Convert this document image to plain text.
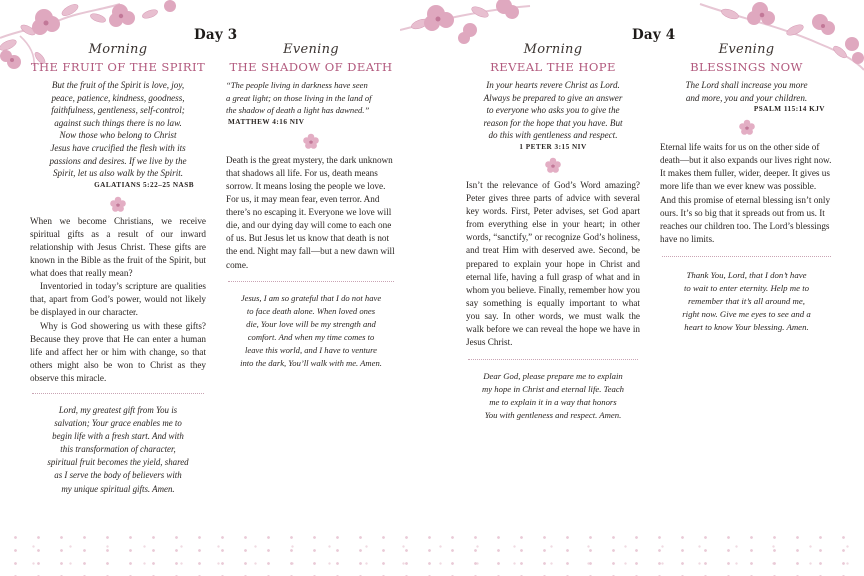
Day 3
Morning
THE FRUIT OF THE SPIRIT
But the fruit of the Spirit is love, joy,
peace, patience, kindness, goodness,
faithfulness, gentleness, self-control;
against such things there is no law.
Now those who belong to Christ
Jesus have crucified the flesh with its
passions and desires. If we live by the
Spirit, let us also walk by the Spirit.
GALATIANS 5:22–25 NASB

When we become Christians, we receive spiritual gifts as a result of our inward relationship with Jesus Christ. These gifts are known in the Bible as the fruit of the Spirit, but what does that really mean?

Inventoried in today’s scripture are qualities that, apart from God’s power, would not likely be displayed in our character.

Why is God showering us with these gifts? Because they prove that He can enter a human life and affect her or him with change, so that others might also be won to Christ as they observe this miracle.

Lord, my greatest gift from You is
salvation; Your grace enables me to
begin life with a fresh start. And with
this transformation of character,
spiritual fruit becomes the yield, shared
as I serve the body of believers with
my unique spiritual gifts. Amen.
Evening
THE SHADOW OF DEATH
“The people living in darkness have seen
a great light; on those living in the land of
the shadow of death a light has dawned.”
MATTHEW 4:16 NIV

Death is the great mystery, the dark unknown that shadows all life. For us, death means sorrow. It means losing the people we love. For us, it may mean fear, even terror. And there’s no escaping it. Everyone we love will die, and our dying day will come to each one of us. But Jesus let us know that death is not the end. Night may fall—but a new dawn will come.

Jesus, I am so grateful that I do not have
to face death alone. When loved ones
die, Your love will be my strength and
comfort. And when my time comes to
leave this world, and I have to venture
into the dark, You’ll walk with me. Amen.
Day 4
Morning
REVEAL THE HOPE
In your hearts revere Christ as Lord.
Always be prepared to give an answer
to everyone who asks you to give the
reason for the hope that you have. But
do this with gentleness and respect.
1 PETER 3:15 NIV

Isn’t the relevance of God’s Word amazing? Peter gives three parts of advice with several key words. First, Peter advises, set God apart from everything else in your heart; in other words, “sanctify,” or recognize God’s holiness, and treat Him with deserved awe. Second, be prepared to explain your hope in Christ and eternal life, having a full grasp of what and in whom you believe. Finally, remember how you say something is equally important to what you say. In other words, we must walk the walk before we can reveal the hope we have in Jesus Christ.

Dear God, please prepare me to explain
my hope in Christ and eternal life. Teach
me to explain it in a way that honors
You with gentleness and respect. Amen.
Evening
BLESSINGS NOW
The Lord shall increase you more
and more, you and your children.
PSALM 115:14 KJV

Eternal life waits for us on the other side of death—but it also expands our lives right now. It makes them fuller, wider, deeper. It gives us more life than we ever knew was possible. And this promise of eternal blessing isn’t only ours. It’s so big that it spreads out from us. It reaches our children too. The Lord’s blessings have no limits.

Thank You, Lord, that I don’t have
to wait to enter eternity. Help me to
remember that it’s all around me,
right now. Give me eyes to see and a
heart to know Your blessing. Amen.
